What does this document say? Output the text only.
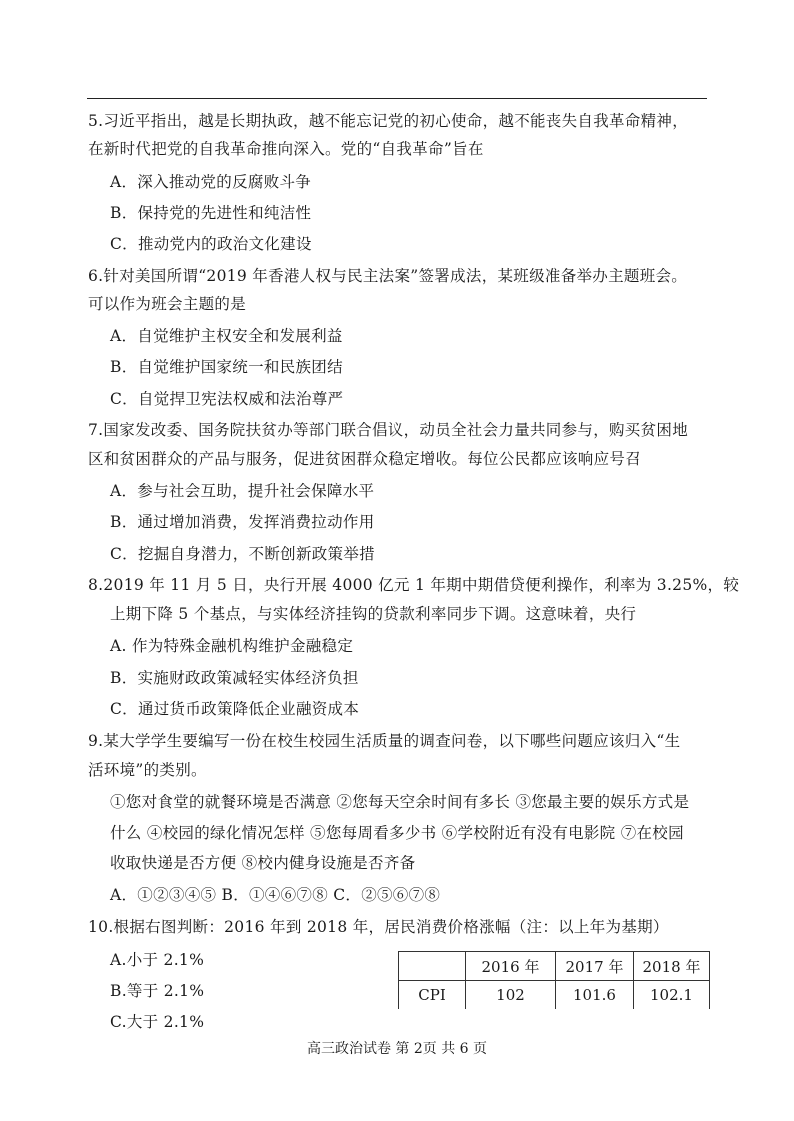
5.习近平指出，越是长期执政，越不能忘记党的初心使命，越不能丧失自我革命精神，
在新时代把党的自我革命推向深入。党的“自我革命”旨在
A．深入推动党的反腐败斗争
B．保持党的先进性和纯洁性
C．推动党内的政治文化建设
6.针对美国所谓“2019 年香港人权与民主法案”签署成法，某班级准备举办主题班会。
可以作为班会主题的是
A．自觉维护主权安全和发展利益
B．自觉维护国家统一和民族团结
C．自觉捍卫宪法权威和法治尊严
7.国家发改委、国务院扶贫办等部门联合倡议，动员全社会力量共同参与，购买贫困地
区和贫困群众的产品与服务，促进贫困群众稳定增收。每位公民都应该响应号召
A．参与社会互助，提升社会保障水平
B．通过增加消费，发挥消费拉动作用
C．挖掘自身潜力，不断创新政策举措
8.2019 年 11 月 5 日，央行开展 4000 亿元 1 年期中期借贷便利操作，利率为 3.25%，较
上期下降 5 个基点，与实体经济挂钩的贷款利率同步下调。这意味着，央行
A. 作为特殊金融机构维护金融稳定
B．实施财政政策减轻实体经济负担
C．通过货币政策降低企业融资成本
9.某大学学生要编写一份在校生校园生活质量的调查问卷，以下哪些问题应该归入“生
活环境”的类别。
①您对食堂的就餐环境是否满意 ②您每天空余时间有多长 ③您最主要的娱乐方式是
什么 ④校园的绿化情况怎样 ⑤您每周看多少书 ⑥学校附近有没有电影院 ⑦在校园
收取快递是否方便 ⑧校内健身设施是否齐备
A．①②③④⑤ B．①④⑥⑦⑧ C．②⑤⑥⑦⑧
10.根据右图判断：2016 年到 2018 年，居民消费价格涨幅（注：以上年为基期）
A.小于 2.1%
B.等于 2.1%
C.大于 2.1%
	2016 年	2017 年	2018 年
CPI	102	101.6	102.1
高三政治试卷 第 2页 共 6 页
